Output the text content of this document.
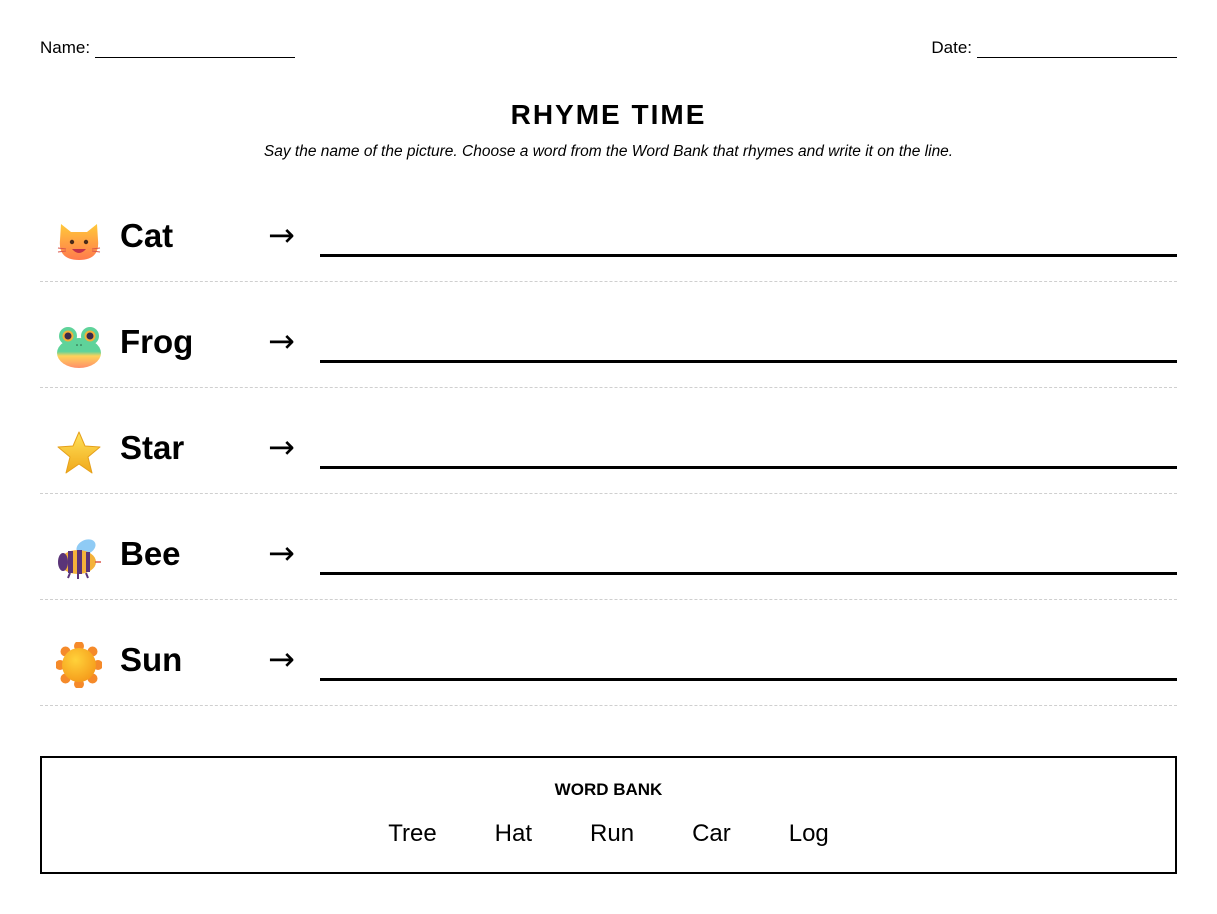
Name:	Date:
RHYME TIME
Say the name of the picture. Choose a word from the Word Bank that rhymes and write it on the line.
Cat	→
Frog →
Star	→
Bee	→
Sun	→
WORD BANK
Tree Hat Run Car Log
